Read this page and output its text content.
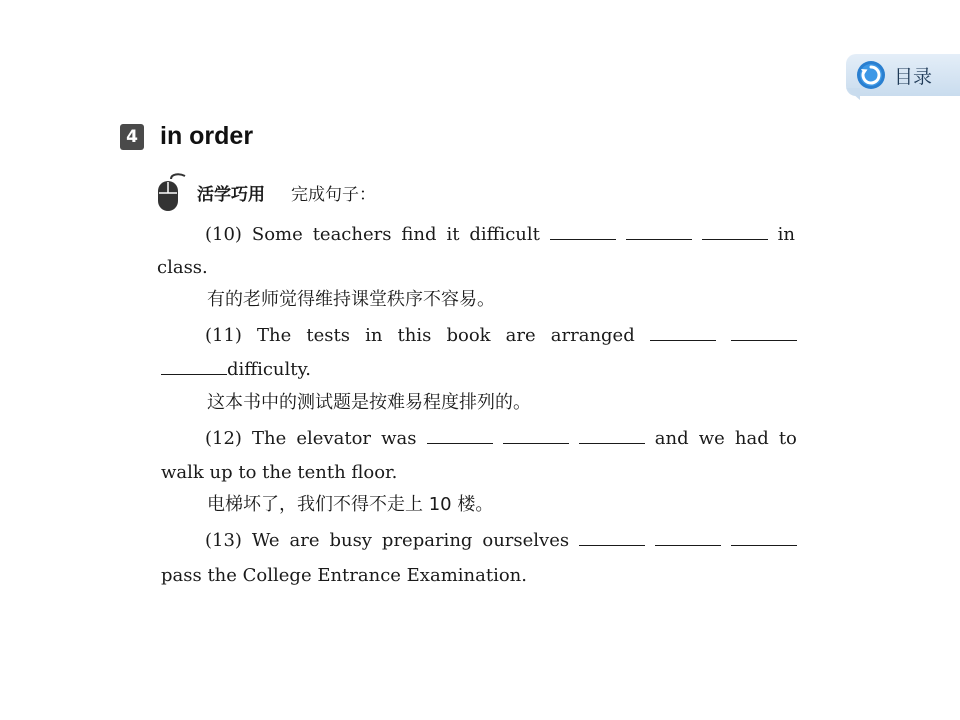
目录
4 in order
活学巧用 完成句子：
(10) Some teachers find it difficult	in
class.
有的老师觉得维持课堂秩序不容易。
(11) The tests in this book are arranged
difficulty.
这本书中的测试题是按难易程度排列的。
(12) The elevator was	and we had to
walk up to the tenth floor.
电梯坏了，我们不得不走上 10 楼。
(13) We are busy preparing ourselves
pass the College Entrance Examination.
